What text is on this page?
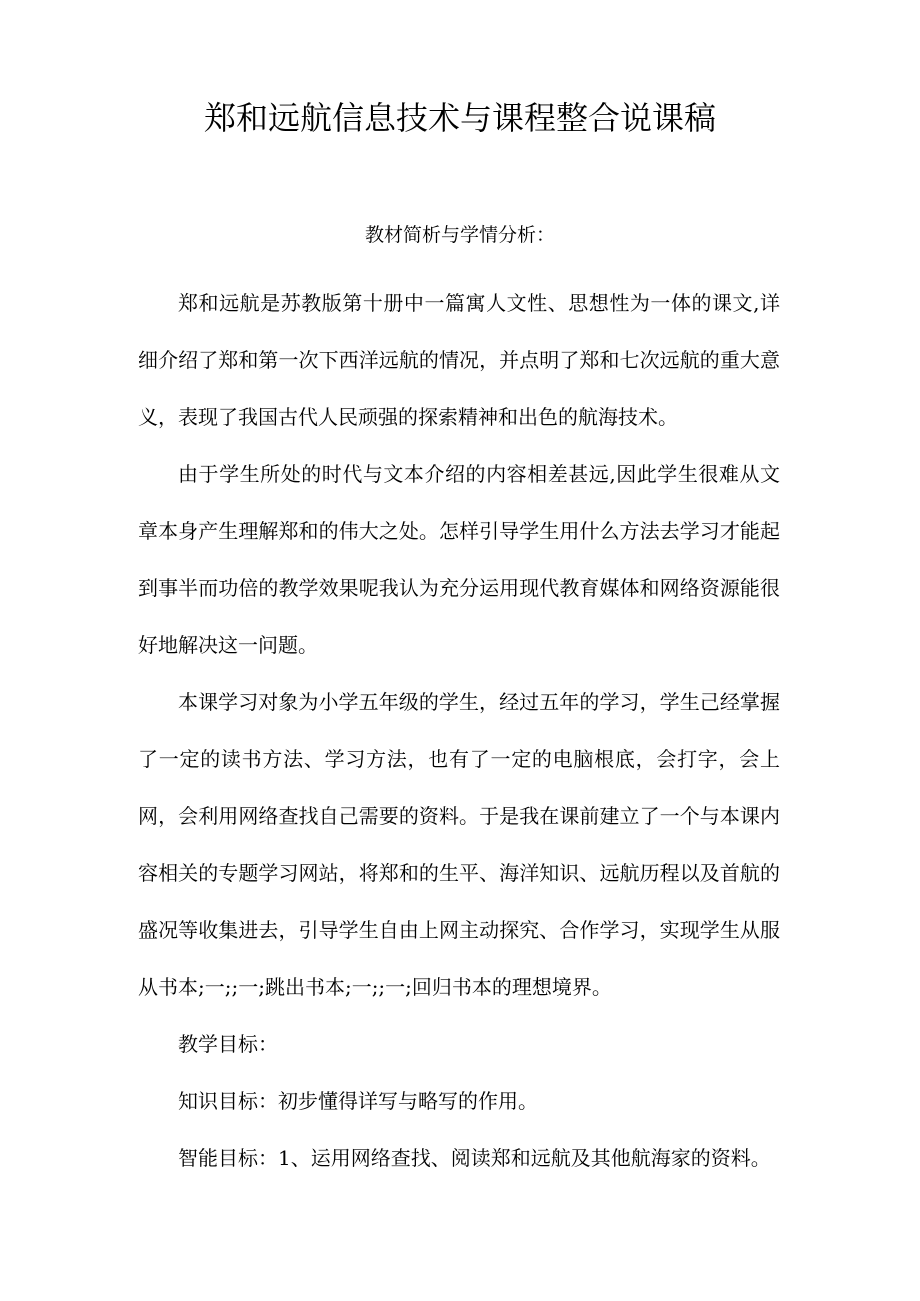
郑和远航信息技术与课程整合说课稿
教材简析与学情分析：

郑和远航是苏教版第十册中一篇寓人文性、思想性为一体的课文,详细介绍了郑和第一次下西洋远航的情况，并点明了郑和七次远航的重大意义，表现了我国古代人民顽强的探索精神和出色的航海技术。

由于学生所处的时代与文本介绍的内容相差甚远,因此学生很难从文章本身产生理解郑和的伟大之处。怎样引导学生用什么方法去学习才能起到事半而功倍的教学效果呢我认为充分运用现代教育媒体和网络资源能很好地解决这一问题。

本课学习对象为小学五年级的学生，经过五年的学习，学生己经掌握了一定的读书方法、学习方法，也有了一定的电脑根底，会打字，会上网，会利用网络查找自己需要的资料。于是我在课前建立了一个与本课内容相关的专题学习网站，将郑和的生平、海洋知识、远航历程以及首航的盛况等收集进去，引导学生自由上网主动探究、合作学习，实现学生从服从书本;一;;一;跳出书本;一;;一;回归书本的理想境界。

教学目标：

知识目标：初步懂得详写与略写的作用。

智能目标：1、运用网络查找、阅读郑和远航及其他航海家的资料。
